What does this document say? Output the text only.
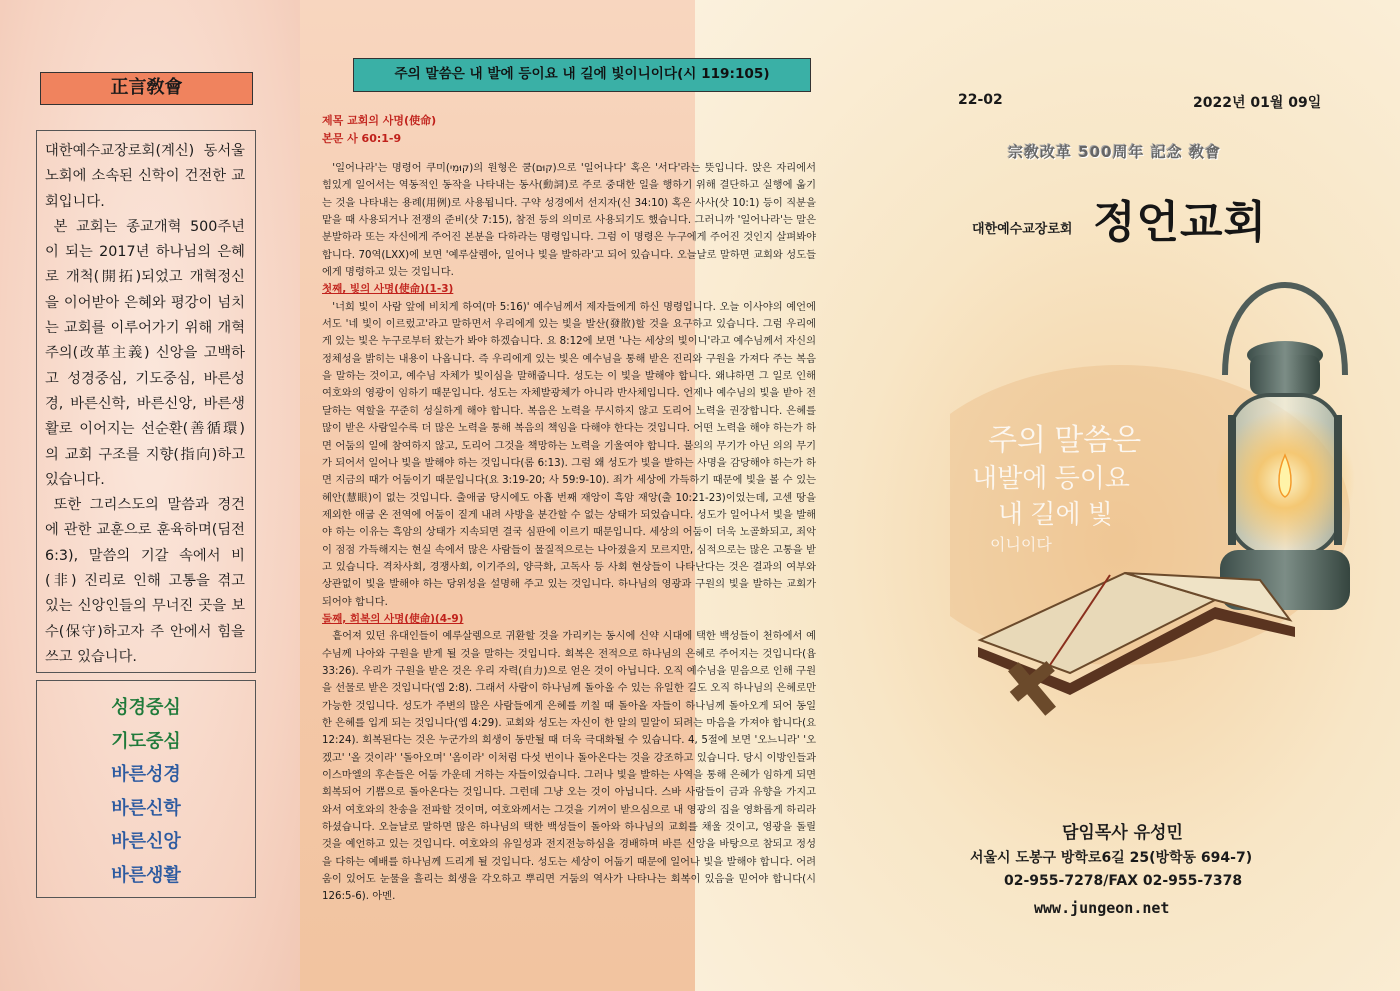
正言敎會

대한예수교장로회(계신) 동서울 노회에 소속된 신학이 건전한 교회입니다.

본 교회는 종교개혁 500주년이 되는 2017년 하나님의 은혜로 개척(開拓)되었고 개혁정신을 이어받아 은혜와 평강이 넘치는 교회를 이루어가기 위해 개혁주의(改革主義) 신앙을 고백하고 성경중심, 기도중심, 바른성경, 바른신학, 바른신앙, 바른생활로 이어지는 선순환(善循環)의 교회 구조를 지향(指向)하고 있습니다.

또한 그리스도의 말씀과 경건에 관한 교훈으로 훈육하며(딤전 6:3), 말씀의 기갈 속에서 비(非) 진리로 인해 고통을 겪고 있는 신앙인들의 무너진 곳을 보수(保守)하고자 주 안에서 힘을 쓰고 있습니다.

성경중심
기도중심
바른성경
바른신학
바른신앙
바른생활
주의 말씀은 내 발에 등이요 내 길에 빛이니이다(시 119:105)
제목 교회의 사명(使命)
본문 사 60:1-9

'일어나라'는 명령어 쿠미(קוּמִי)의 원형은 쿰(קוּם)으로 '일어나다' 혹은 '서다'라는 뜻입니다. 앉은 자리에서 힘있게 일어서는 역동적인 동작을 나타내는 동사(動詞)로 주로 중대한 일을 행하기 위해 결단하고 실행에 옮기는 것을 나타내는 용례(用例)로 사용됩니다. 구약 성경에서 선지자(신 34:10) 혹은 사사(삿 10:1) 등이 직분을 맡을 때 사용되거나 전쟁의 준비(삿 7:15), 참전 등의 의미로 사용되기도 했습니다. 그러니까 '일어나라'는 말은 분발하라 또는 자신에게 주어진 본분을 다하라는 명령입니다. 그럼 이 명령은 누구에게 주어진 것인지 살펴봐야 합니다. 70역(LXX)에 보면 '예루살렘아, 일어나 빛을 발하라'고 되어 있습니다. 오늘날로 말하면 교회와 성도들에게 명령하고 있는 것입니다.

첫째, 빛의 사명(使命)(1-3)

'너희 빛이 사람 앞에 비치게 하여(마 5:16)' 예수님께서 제자들에게 하신 명령입니다. 오늘 이사야의 예언에서도 '네 빛이 이르렀고'라고 말하면서 우리에게 있는 빛을 발산(發散)할 것을 요구하고 있습니다. 그럼 우리에게 있는 빛은 누구로부터 왔는가 봐야 하겠습니다. 요 8:12에 보면 '나는 세상의 빛이니'라고 예수님께서 자신의 정체성을 밝히는 내용이 나옵니다. 즉 우리에게 있는 빛은 예수님을 통해 받은 진리와 구원을 가져다 주는 복음을 말하는 것이고, 예수님 자체가 빛이심을 말해줍니다. 성도는 이 빛을 발해야 합니다. 왜냐하면 그 일로 인해 여호와의 영광이 임하기 때문입니다. 성도는 자체발광체가 아니라 반사체입니다. 언제나 예수님의 빛을 받아 전달하는 역할을 꾸준히 성실하게 해야 합니다. 복음은 노력을 무시하지 않고 도리어 노력을 권장합니다. 은혜를 많이 받은 사람일수록 더 많은 노력을 통해 복음의 책임을 다해야 한다는 것입니다. 어떤 노력을 해야 하는가 하면 어둠의 일에 참여하지 않고, 도리어 그것을 책망하는 노력을 기울여야 합니다. 불의의 무기가 아닌 의의 무기가 되어서 일어나 빛을 발해야 하는 것입니다(롬 6:13). 그럼 왜 성도가 빛을 발하는 사명을 감당해야 하는가 하면 지금의 때가 어둠이기 때문입니다(요 3:19-20; 사 59:9-10). 죄가 세상에 가득하기 때문에 빛을 볼 수 있는 혜안(慧眼)이 없는 것입니다. 출애굽 당시에도 아홉 번째 재앙이 흑암 재앙(출 10:21-23)이었는데, 고센 땅을 제외한 애굽 온 전역에 어둠이 짙게 내려 사방을 분간할 수 없는 상태가 되었습니다. 성도가 일어나서 빛을 발해야 하는 이유는 흑암의 상태가 지속되면 결국 심판에 이르기 때문입니다. 세상의 어둠이 더욱 노골화되고, 죄악이 점점 가득해지는 현실 속에서 많은 사람들이 물질적으로는 나아졌을지 모르지만, 심적으로는 많은 고통을 받고 있습니다. 격차사회, 경쟁사회, 이기주의, 양극화, 고독사 등 사회 현상들이 나타난다는 것은 결과의 여부와 상관없이 빛을 발해야 하는 당위성을 설명해 주고 있는 것입니다. 하나님의 영광과 구원의 빛을 발하는 교회가 되어야 합니다.

둘째, 회복의 사명(使命)(4-9)

흩어져 있던 유대인들이 예루살렘으로 귀환할 것을 가리키는 동시에 신약 시대에 택한 백성들이 천하에서 예수님께 나아와 구원을 받게 될 것을 말하는 것입니다. 회복은 전적으로 하나님의 은혜로 주어지는 것입니다(욥 33:26). 우리가 구원을 받은 것은 우리 자력(自力)으로 얻은 것이 아닙니다. 오직 예수님을 믿음으로 인해 구원을 선물로 받은 것입니다(엡 2:8). 그래서 사람이 하나님께 돌아올 수 있는 유일한 길도 오직 하나님의 은혜로만 가능한 것입니다. 성도가 주변의 많은 사람들에게 은혜를 끼칠 때 돌아올 자들이 하나님께 돌아오게 되어 동일한 은혜를 입게 되는 것입니다(엡 4:29). 교회와 성도는 자신이 한 알의 밀알이 되려는 마음을 가져야 합니다(요 12:24). 회복된다는 것은 누군가의 희생이 동반될 때 더욱 극대화될 수 있습니다. 4, 5절에 보면 '오느니라' '오겠고' '올 것이라' '돌아오며' '옴이라' 이처럼 다섯 번이나 돌아온다는 것을 강조하고 있습니다. 당시 이방인들과 이스마엘의 후손들은 어둠 가운데 거하는 자들이었습니다. 그러나 빛을 발하는 사역을 통해 은혜가 임하게 되면 회복되어 기쁨으로 돌아온다는 것입니다. 그런데 그냥 오는 것이 아닙니다. 스바 사람들이 금과 유향을 가지고 와서 여호와의 찬송을 전파할 것이며, 여호와께서는 그것을 기꺼이 받으심으로 내 영광의 집을 영화롭게 하리라 하셨습니다. 오늘날로 말하면 많은 하나님의 택한 백성들이 돌아와 하나님의 교회를 채울 것이고, 영광을 돌릴 것을 예언하고 있는 것입니다. 여호와의 유일성과 전지전능하심을 경배하며 바른 신앙을 바탕으로 참되고 정성을 다하는 예배를 하나님께 드리게 될 것입니다. 성도는 세상이 어둡기 때문에 일어나 빛을 발해야 합니다. 어려움이 있어도 눈물을 흘리는 희생을 각오하고 뿌리면 거둠의 역사가 나타나는 회복이 있음을 믿어야 합니다(시 126:5-6). 아멘.

22-02	2022년 01월 09일
宗敎改革 500周年 記念 敎會
대한예수교장로회 정언교회
주의 말씀은
내발에 등이요
내 길에 빛
이니이다
담임목사 유성민
서울시 도봉구 방학로6길 25(방학동 694-7)
02-955-7278/FAX 02-955-7378
www.jungeon.net
